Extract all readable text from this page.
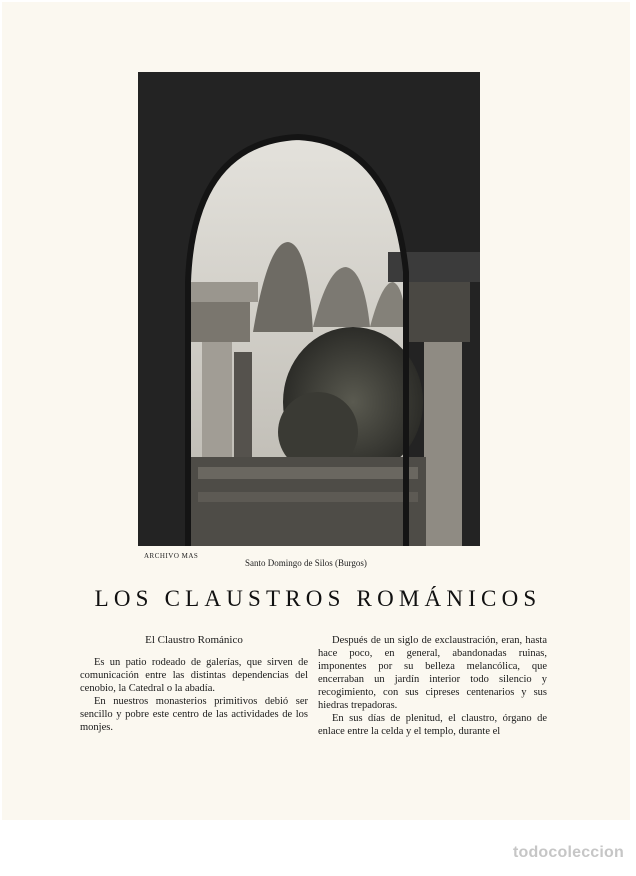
ARCHIVO MAS
Santo Domingo de Silos (Burgos)
LOS CLAUSTROS ROMÁNICOS
El Claustro Románico

Es un patio rodeado de galerías, que sirven de comunicación entre las distintas dependencias del cenobio, la Catedral o la abadía.

En nuestros monasterios primitivos debió ser sencillo y pobre este centro de las actividades de los monjes.

Después de un siglo de exclaustración, eran, hasta hace poco, en general, abandonadas ruinas, imponentes por su belleza melancólica, que encerraban un jardín interior todo silencio y recogimiento, con sus cipreses centenarios y sus hiedras trepadoras.

En sus días de plenitud, el claustro, órgano de enlace entre la celda y el templo, durante el

todocoleccion
